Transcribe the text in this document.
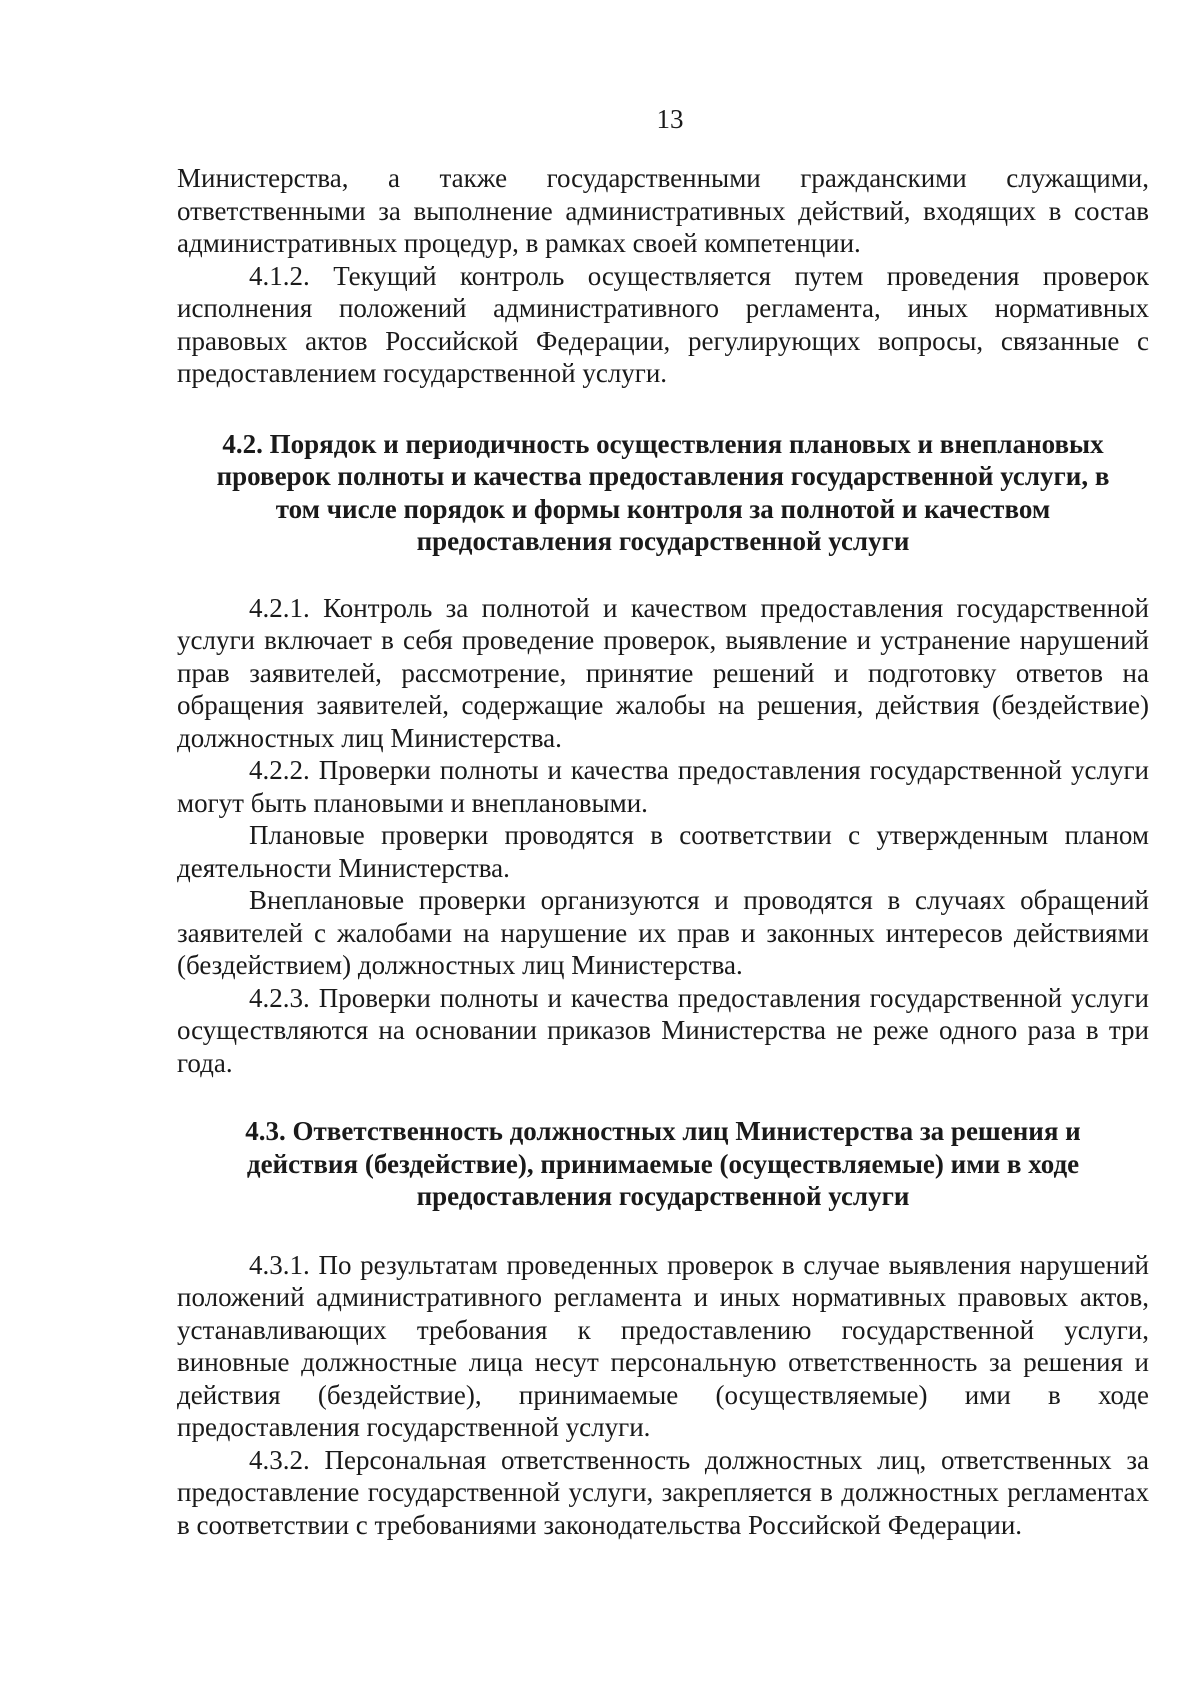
13

Министерства, а также государственными гражданскими служащими, ответственными за выполнение административных действий, входящих в состав административных процедур, в рамках своей компетенции.

4.1.2. Текущий контроль осуществляется путем проведения проверок исполнения положений административного регламента, иных нормативных правовых актов Российской Федерации, регулирующих вопросы, связанные с предоставлением государственной услуги.

4.2. Порядок и периодичность осуществления плановых и внеплановых проверок полноты и качества предоставления государственной услуги, в том числе порядок и формы контроля за полнотой и качеством предоставления государственной услуги

4.2.1. Контроль за полнотой и качеством предоставления государственной услуги включает в себя проведение проверок, выявление и устранение нарушений прав заявителей, рассмотрение, принятие решений и подготовку ответов на обращения заявителей, содержащие жалобы на решения, действия (бездействие) должностных лиц Министерства.

4.2.2. Проверки полноты и качества предоставления государственной услуги могут быть плановыми и внеплановыми.

Плановые проверки проводятся в соответствии с утвержденным планом деятельности Министерства.

Внеплановые проверки организуются и проводятся в случаях обращений заявителей с жалобами на нарушение их прав и законных интересов действиями (бездействием) должностных лиц Министерства.

4.2.3. Проверки полноты и качества предоставления государственной услуги осуществляются на основании приказов Министерства не реже одного раза в три года.

4.3. Ответственность должностных лиц Министерства за решения и действия (бездействие), принимаемые (осуществляемые) ими в ходе предоставления государственной услуги

4.3.1. По результатам проведенных проверок в случае выявления нарушений положений административного регламента и иных нормативных правовых актов, устанавливающих требования к предоставлению государственной услуги, виновные должностные лица несут персональную ответственность за решения и действия (бездействие), принимаемые (осуществляемые) ими в ходе предоставления государственной услуги.

4.3.2. Персональная ответственность должностных лиц, ответственных за предоставление государственной услуги, закрепляется в должностных регламентах в соответствии с требованиями законодательства Российской Федерации.
